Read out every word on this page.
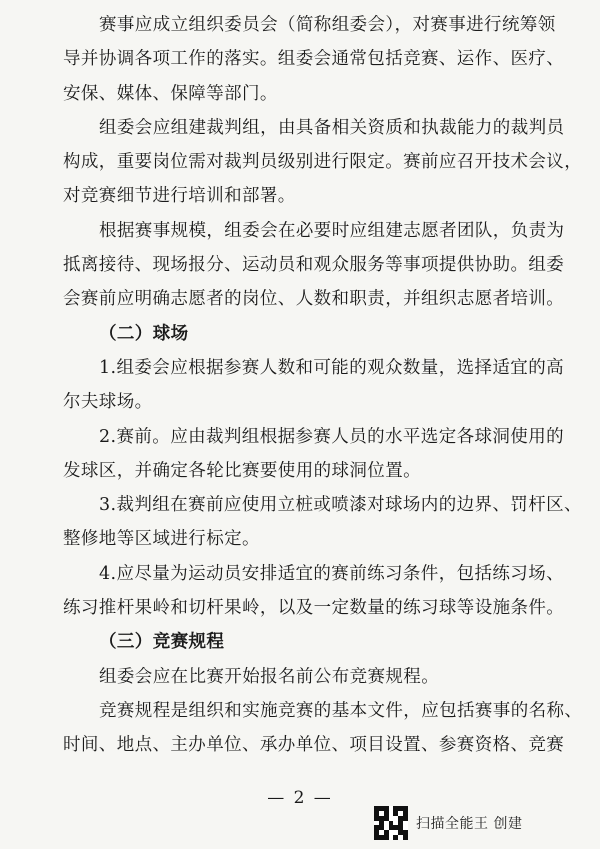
赛事应成立组织委员会（简称组委会），对赛事进行统筹领
导并协调各项工作的落实。组委会通常包括竞赛、运作、医疗、
安保、媒体、保障等部门。
组委会应组建裁判组，由具备相关资质和执裁能力的裁判员
构成，重要岗位需对裁判员级别进行限定。赛前应召开技术会议，
对竞赛细节进行培训和部署。
根据赛事规模，组委会在必要时应组建志愿者团队，负责为
抵离接待、现场报分、运动员和观众服务等事项提供协助。组委
会赛前应明确志愿者的岗位、人数和职责，并组织志愿者培训。
（二）球场
1.组委会应根据参赛人数和可能的观众数量，选择适宜的高
尔夫球场。
2.赛前。应由裁判组根据参赛人员的水平选定各球洞使用的
发球区，并确定各轮比赛要使用的球洞位置。
3.裁判组在赛前应使用立桩或喷漆对球场内的边界、罚杆区、
整修地等区域进行标定。
4.应尽量为运动员安排适宜的赛前练习条件，包括练习场、
练习推杆果岭和切杆果岭，以及一定数量的练习球等设施条件。
（三）竞赛规程
组委会应在比赛开始报名前公布竞赛规程。
竞赛规程是组织和实施竞赛的基本文件，应包括赛事的名称、
时间、地点、主办单位、承办单位、项目设置、参赛资格、竞赛
— 2 —
扫描全能王 创建
